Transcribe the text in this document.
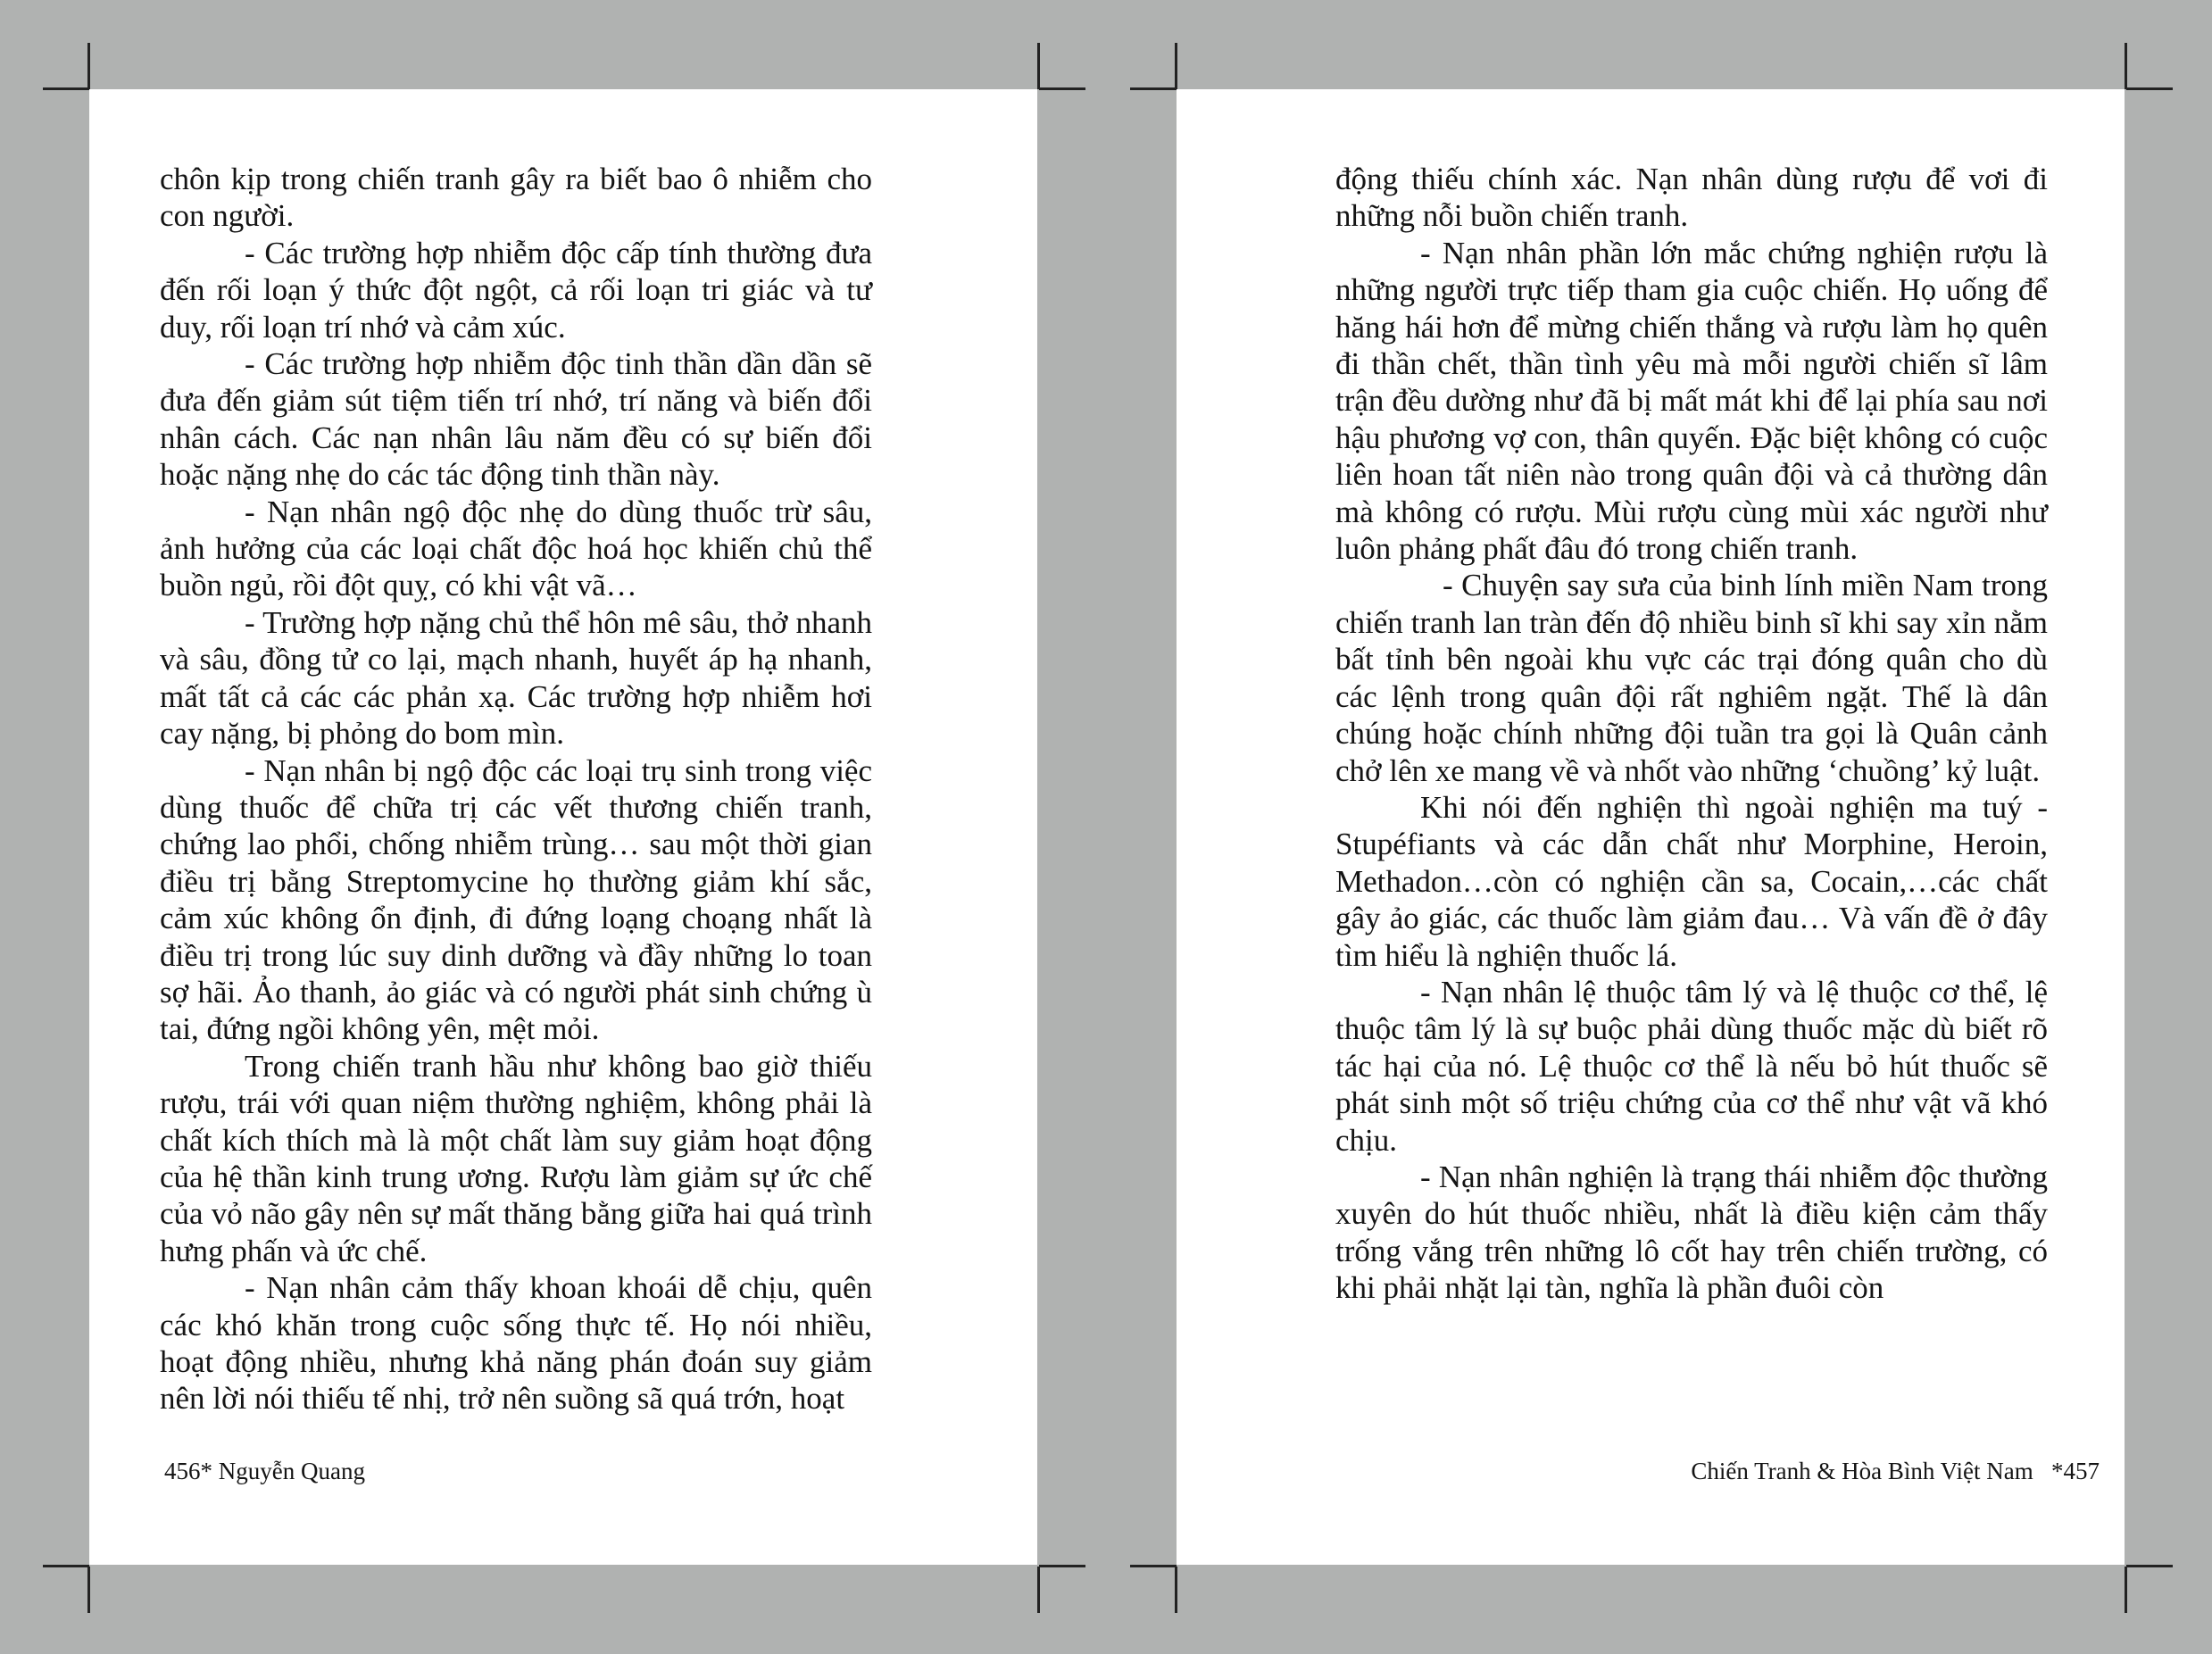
chôn kịp trong chiến tranh gây ra biết bao ô nhiễm cho con người.

- Các trường hợp nhiễm độc cấp tính thường đưa đến rối loạn ý thức đột ngột, cả rối loạn tri giác và tư duy, rối loạn trí nhớ và cảm xúc.

- Các trường hợp nhiễm độc tinh thần dần dần sẽ đưa đến giảm sút tiệm tiến trí nhớ, trí năng và biến đổi nhân cách. Các nạn nhân lâu năm đều có sự biến đổi hoặc nặng nhẹ do các tác động tinh thần này.

- Nạn nhân ngộ độc nhẹ do dùng thuốc trừ sâu, ảnh hưởng của các loại chất độc hoá học khiến chủ thể buồn ngủ, rồi đột quỵ, có khi vật vã…

- Trường hợp nặng chủ thể hôn mê sâu, thở nhanh và sâu, đồng tử co lại, mạch nhanh, huyết áp hạ nhanh, mất tất cả các các phản xạ. Các trường hợp nhiễm hơi cay nặng, bị phỏng do bom mìn.

- Nạn nhân bị ngộ độc các loại trụ sinh trong việc dùng thuốc để chữa trị các vết thương chiến tranh, chứng lao phổi, chống nhiễm trùng… sau một thời gian điều trị bằng Streptomycine họ thường giảm khí sắc, cảm xúc không ổn định, đi đứng loạng choạng nhất là điều trị trong lúc suy dinh dưỡng và đầy những lo toan sợ hãi. Ảo thanh, ảo giác và có người phát sinh chứng ù tai, đứng ngồi không yên, mệt mỏi.

Trong chiến tranh hầu như không bao giờ thiếu rượu, trái với quan niệm thường nghiệm, không phải là chất kích thích mà là một chất làm suy giảm hoạt động của hệ thần kinh trung ương. Rượu làm giảm sự ức chế của vỏ não gây nên sự mất thăng bằng giữa hai quá trình hưng phấn và ức chế.

- Nạn nhân cảm thấy khoan khoái dễ chịu, quên các khó khăn trong cuộc sống thực tế. Họ nói nhiều, hoạt động nhiều, nhưng khả năng phán đoán suy giảm nên lời nói thiếu tế nhị, trở nên suồng sã quá trớn, hoạt

456* Nguyễn Quang

động thiếu chính xác. Nạn nhân dùng rượu để vơi đi những nỗi buồn chiến tranh.

- Nạn nhân phần lớn mắc chứng nghiện rượu là những người trực tiếp tham gia cuộc chiến. Họ uống để hăng hái hơn để mừng chiến thắng và rượu làm họ quên đi thần chết, thần tình yêu mà mỗi người chiến sĩ lâm trận đều dường như đã bị mất mát khi để lại phía sau nơi hậu phương vợ con, thân quyến. Đặc biệt không có cuộc liên hoan tất niên nào trong quân đội và cả thường dân mà không có rượu. Mùi rượu cùng mùi xác người như luôn phảng phất đâu đó trong chiến tranh.

- Chuyện say sưa của binh lính miền Nam trong chiến tranh lan tràn đến độ nhiều binh sĩ khi say xỉn nằm bất tỉnh bên ngoài khu vực các trại đóng quân cho dù các lệnh trong quân đội rất nghiêm ngặt. Thế là dân chúng hoặc chính những đội tuần tra gọi là Quân cảnh chở lên xe mang về và nhốt vào những ‘chuồng’ kỷ luật.

Khi nói đến nghiện thì ngoài nghiện ma tuý - Stupéfiants và các dẫn chất như Morphine, Heroin, Methadon…còn có nghiện cần sa, Cocain,…các chất gây ảo giác, các thuốc làm giảm đau… Và vấn đề ở đây tìm hiểu là nghiện thuốc lá.

- Nạn nhân lệ thuộc tâm lý và lệ thuộc cơ thể, lệ thuộc tâm lý là sự buộc phải dùng thuốc mặc dù biết rõ tác hại của nó. Lệ thuộc cơ thể là nếu bỏ hút thuốc sẽ phát sinh một số triệu chứng của cơ thể như vật vã khó chịu.

- Nạn nhân nghiện là trạng thái nhiễm độc thường xuyên do hút thuốc nhiều, nhất là điều kiện cảm thấy trống vắng trên những lô cốt hay trên chiến trường, có khi phải nhặt lại tàn, nghĩa là phần đuôi còn

Chiến Tranh & Hòa Bình Việt Nam   *457
